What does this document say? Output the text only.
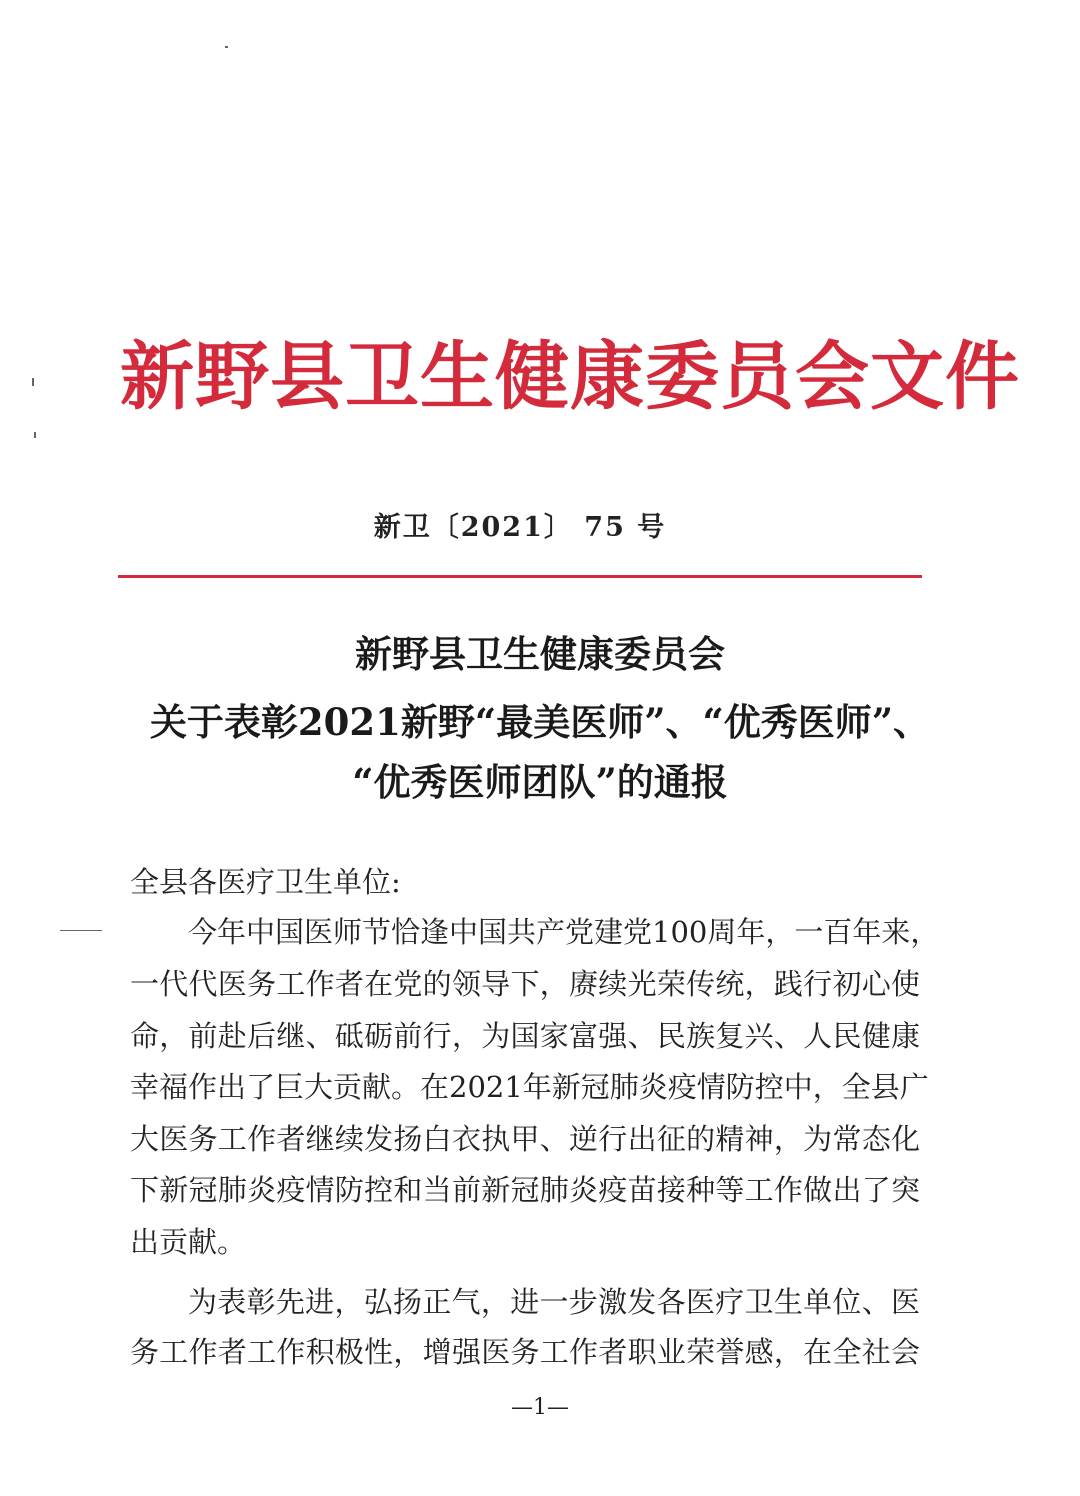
新野县卫生健康委员会文件
新卫〔2021〕 75 号
新野县卫生健康委员会
关于表彰2021新野“最美医师”、“优秀医师”、
“优秀医师团队”的通报
全县各医疗卫生单位:
今年中国医师节恰逢中国共产党建党100周年，一百年来，
一代代医务工作者在党的领导下，赓续光荣传统，践行初心使
命，前赴后继、砥砺前行，为国家富强、民族复兴、人民健康
幸福作出了巨大贡献。在2021年新冠肺炎疫情防控中，全县广
大医务工作者继续发扬白衣执甲、逆行出征的精神，为常态化
下新冠肺炎疫情防控和当前新冠肺炎疫苗接种等工作做出了突
出贡献。
为表彰先进，弘扬正气，进一步激发各医疗卫生单位、医
务工作者工作积极性，增强医务工作者职业荣誉感，在全社会
—1—
